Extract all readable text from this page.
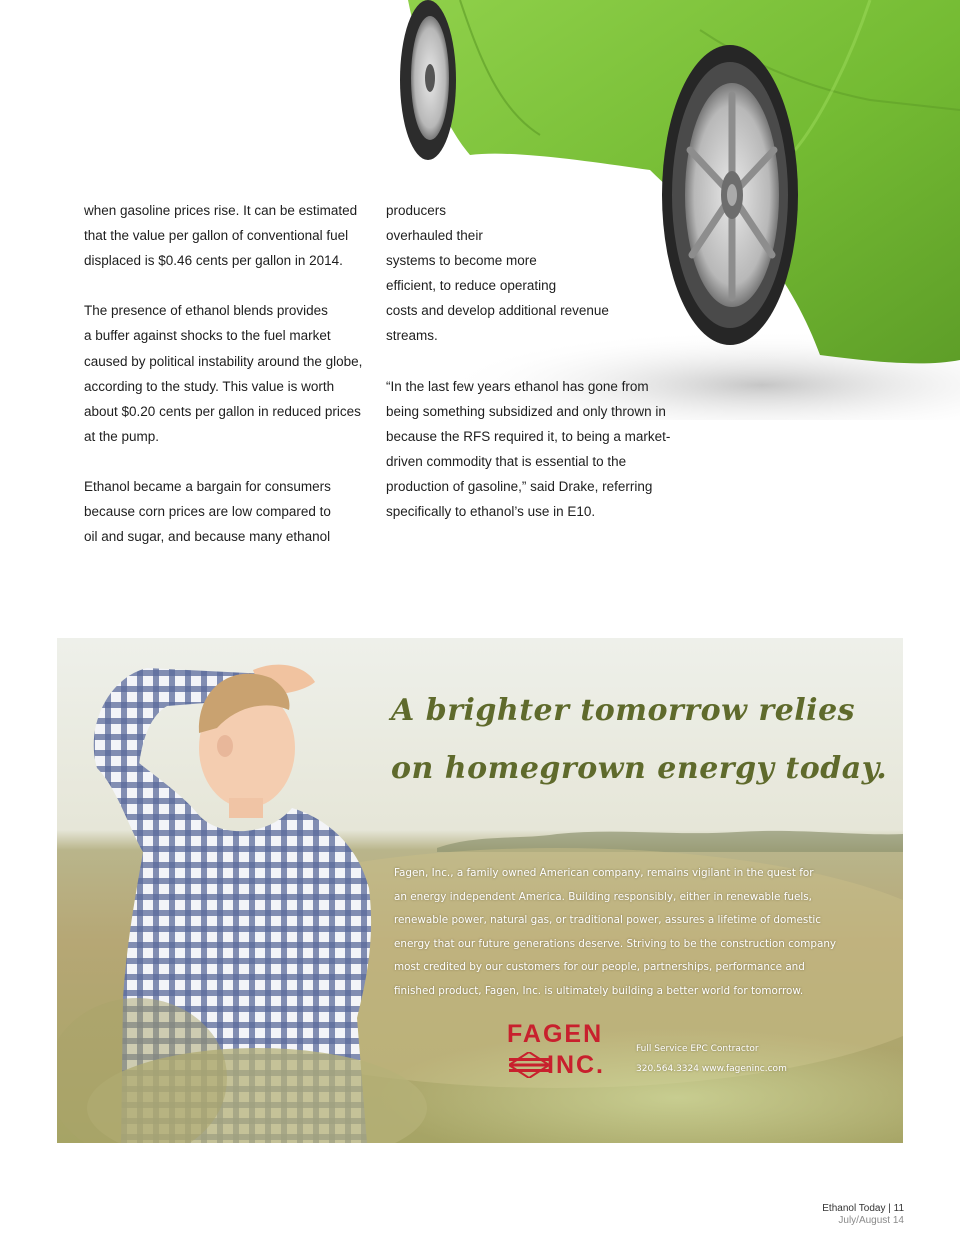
when gasoline prices rise. It can be estimated
that the value per gallon of conventional fuel
displaced is $0.46 cents per gallon in 2014.

The presence of ethanol blends provides
a buffer against shocks to the fuel market
caused by political instability around the globe,
according to the study. This value is worth
about $0.20 cents per gallon in reduced prices
at the pump.

Ethanol became a bargain for consumers
because corn prices are low compared to
oil and sugar, and because many ethanol

producers
overhauled their
systems to become more
efficient, to reduce operating
costs and develop additional revenue
streams.

“In the last few years ethanol has gone from
being something subsidized and only thrown in
because the RFS required it, to being a market-
driven commodity that is essential to the
production of gasoline,” said Drake, referring
specifically to ethanol’s use in E10.

A brighter tomorrow relies
on homegrown energy today.
Fagen, Inc., a family owned American company, remains vigilant in the quest for
an energy independent America. Building responsibly, either in renewable fuels,
renewable power, natural gas, or traditional power, assures a lifetime of domestic
energy that our future generations deserve. Striving to be the construction company
most credited by our customers for our people, partnerships, performance and
finished product, Fagen, Inc. is ultimately building a better world for tomorrow.
FAGEN
INC.
Full Service EPC Contractor
320.564.3324 www.fageninc.com
Ethanol Today | 11
July/August 14
